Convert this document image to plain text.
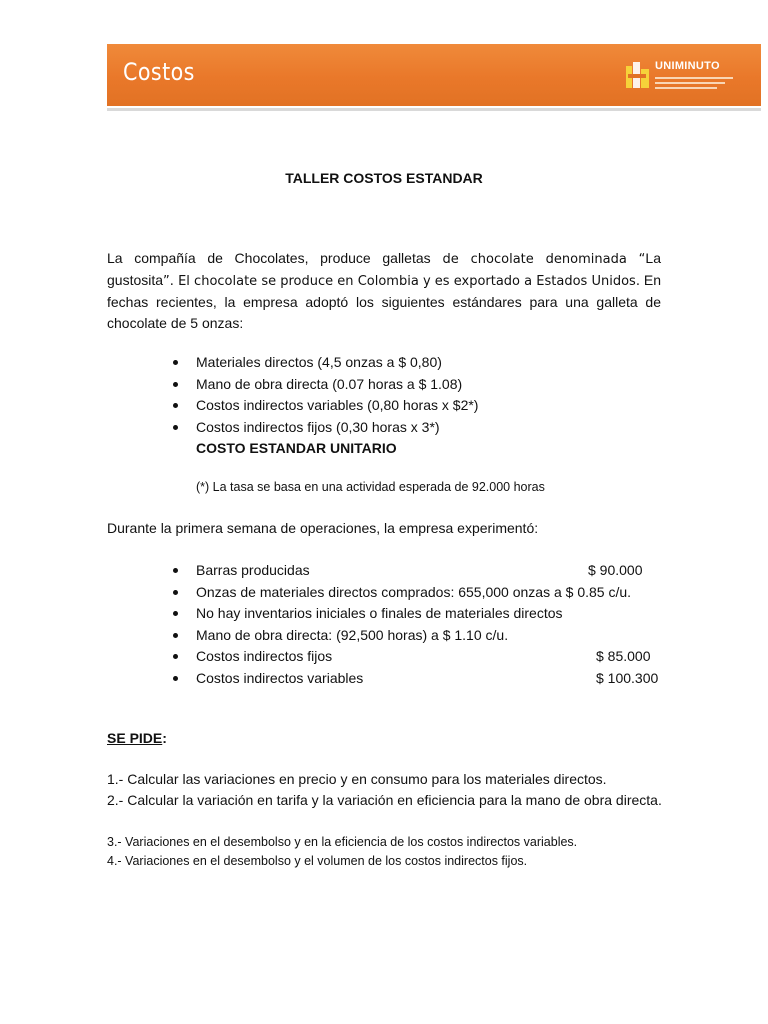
Costos	UNIMINUTO
TALLER COSTOS ESTANDAR
La compañía de Chocolates, produce galletas de chocolate denominada “La gustosita”. El chocolate se produce en Colombia y es exportado a Estados Unidos. En fechas recientes, la empresa adoptó los siguientes estándares para una galleta de chocolate de 5 onzas:
Materiales directos (4,5 onzas a $ 0,80)
Mano de obra directa (0.07 horas a $ 1.08)
Costos indirectos variables (0,80 horas x $2*)
Costos indirectos fijos (0,30 horas x 3*)
COSTO ESTANDAR UNITARIO
(*) La tasa se basa en una actividad esperada de 92.000 horas
Durante la primera semana de operaciones, la empresa experimentó:
Barras producidas	$ 90.000
Onzas de materiales directos comprados: 655,000 onzas a $ 0.85 c/u.
No hay inventarios iniciales o finales de materiales directos
Mano de obra directa: (92,500 horas) a $ 1.10 c/u.
Costos indirectos fijos	$ 85.000
Costos indirectos variables	$ 100.300
SE PIDE:
1.- Calcular las variaciones en precio y en consumo para los materiales directos.
2.- Calcular la variación en tarifa y la variación en eficiencia para la mano de obra directa.
3.- Variaciones en el desembolso y en la eficiencia de los costos indirectos variables.
4.- Variaciones en el desembolso y el volumen de los costos indirectos fijos.
